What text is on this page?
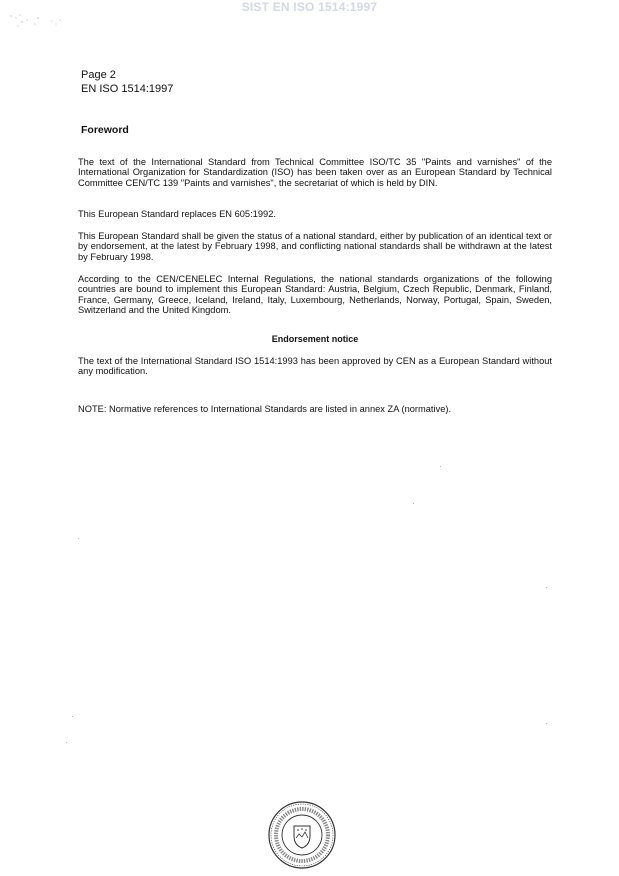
SIST EN ISO 1514:1997
Page 2
EN ISO 1514:1997
Foreword

The text of the International Standard from Technical Committee ISO/TC 35 "Paints and varnishes" of the International Organization for Standardization (ISO) has been taken over as an European Standard by Technical Committee CEN/TC 139 "Paints and varnishes", the secretariat of which is held by DIN.

This European Standard replaces EN 605:1992.

This European Standard shall be given the status of a national standard, either by publication of an identical text or by endorsement, at the latest by February 1998, and conflicting national standards shall be withdrawn at the latest by February 1998.

According to the CEN/CENELEC Internal Regulations, the national standards organizations of the following countries are bound to implement this European Standard: Austria, Belgium, Czech Republic, Denmark, Finland, France, Germany, Greece, Iceland, Ireland, Italy, Luxembourg, Netherlands, Norway, Portugal, Spain, Sweden, Switzerland and the United Kingdom.

Endorsement notice

The text of the International Standard ISO 1514:1993 has been approved by CEN as a European Standard without any modification.

NOTE: Normative references to International Standards are listed in annex ZA (normative).
